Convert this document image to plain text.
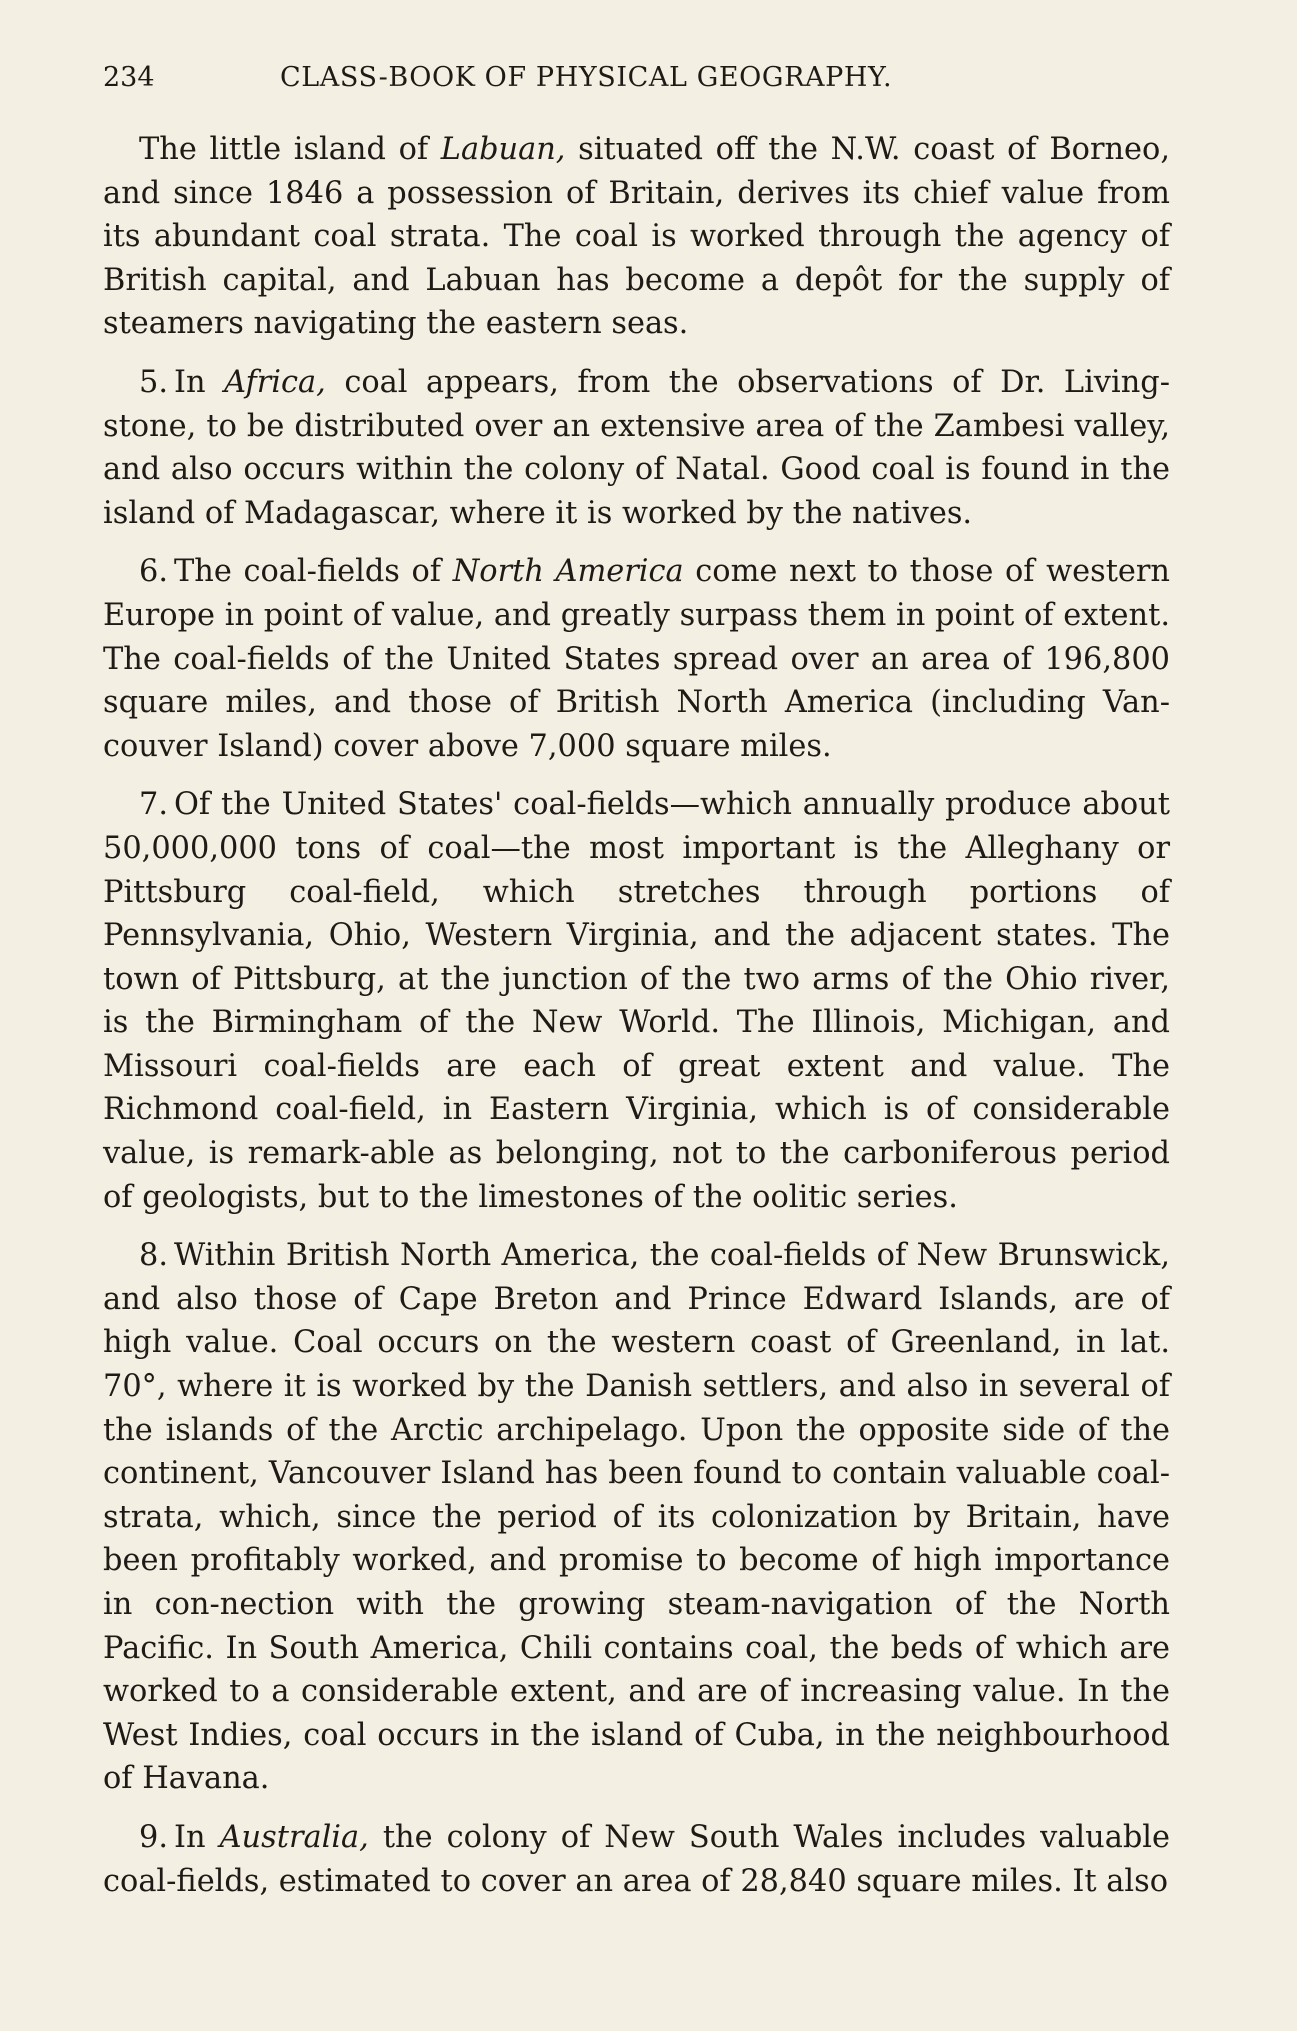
234	CLASS-BOOK OF PHYSICAL GEOGRAPHY.

The little island of Labuan, situated off the N.W. coast of Borneo, and since 1846 a possession of Britain, derives its chief value from its abundant coal strata. The coal is worked through the agency of British capital, and Labuan has become a depôt for the supply of steamers navigating the eastern seas.

5. In Africa, coal appears, from the observations of Dr. Living-stone, to be distributed over an extensive area of the Zambesi valley, and also occurs within the colony of Natal. Good coal is found in the island of Madagascar, where it is worked by the natives.

6. The coal-fields of North America come next to those of western Europe in point of value, and greatly surpass them in point of extent. The coal-fields of the United States spread over an area of 196,800 square miles, and those of British North America (including Van-couver Island) cover above 7,000 square miles.

7. Of the United States' coal-fields—which annually produce about 50,000,000 tons of coal—the most important is the Alleghany or Pittsburg coal-field, which stretches through portions of Pennsylvania, Ohio, Western Virginia, and the adjacent states. The town of Pittsburg, at the junction of the two arms of the Ohio river, is the Birmingham of the New World. The Illinois, Michigan, and Missouri coal-fields are each of great extent and value. The Richmond coal-field, in Eastern Virginia, which is of considerable value, is remark-able as belonging, not to the carboniferous period of geologists, but to the limestones of the oolitic series.

8. Within British North America, the coal-fields of New Brunswick, and also those of Cape Breton and Prince Edward Islands, are of high value. Coal occurs on the western coast of Greenland, in lat. 70°, where it is worked by the Danish settlers, and also in several of the islands of the Arctic archipelago. Upon the opposite side of the continent, Vancouver Island has been found to contain valuable coal-strata, which, since the period of its colonization by Britain, have been profitably worked, and promise to become of high importance in con-nection with the growing steam-navigation of the North Pacific. In South America, Chili contains coal, the beds of which are worked to a considerable extent, and are of increasing value. In the West Indies, coal occurs in the island of Cuba, in the neighbourhood of Havana.

9. In Australia, the colony of New South Wales includes valuable coal-fields, estimated to cover an area of 28,840 square miles. It also
